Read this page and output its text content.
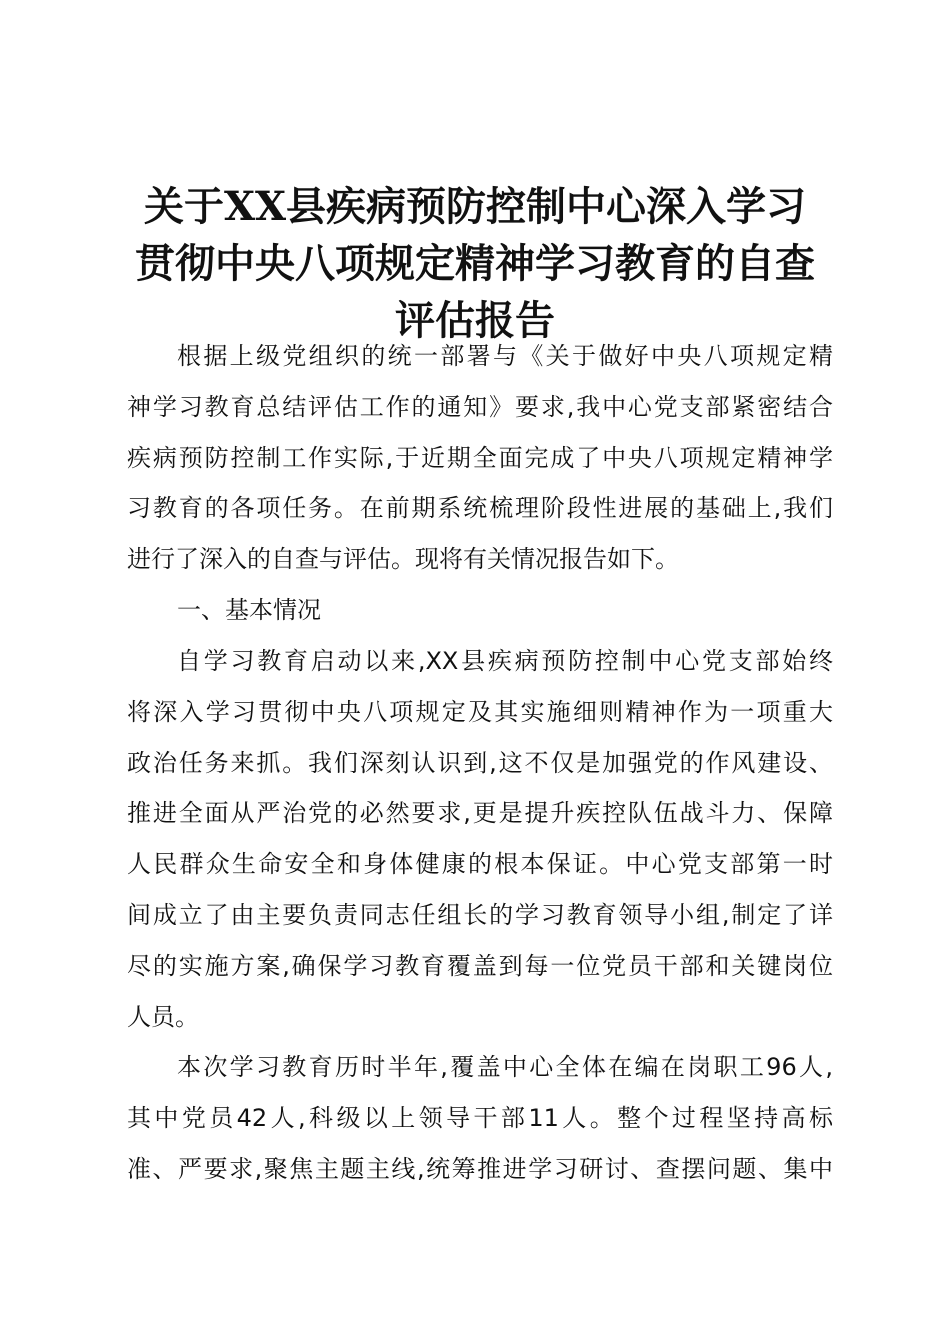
关于XX县疾病预防控制中心深入学习
贯彻中央八项规定精神学习教育的自查
评估报告
根据上级党组织的统一部署与《关于做好中央八项规定精
神学习教育总结评估工作的通知》要求,我中心党支部紧密结合
疾病预防控制工作实际,于近期全面完成了中央八项规定精神学
习教育的各项任务。在前期系统梳理阶段性进展的基础上,我们
进行了深入的自查与评估。现将有关情况报告如下。
一、基本情况
自学习教育启动以来,XX县疾病预防控制中心党支部始终
将深入学习贯彻中央八项规定及其实施细则精神作为一项重大
政治任务来抓。我们深刻认识到,这不仅是加强党的作风建设、
推进全面从严治党的必然要求,更是提升疾控队伍战斗力、保障
人民群众生命安全和身体健康的根本保证。中心党支部第一时
间成立了由主要负责同志任组长的学习教育领导小组,制定了详
尽的实施方案,确保学习教育覆盖到每一位党员干部和关键岗位
人员。
本次学习教育历时半年,覆盖中心全体在编在岗职工96人,
其中党员42人,科级以上领导干部11人。整个过程坚持高标
准、严要求,聚焦主题主线,统筹推进学习研讨、查摆问题、集中
